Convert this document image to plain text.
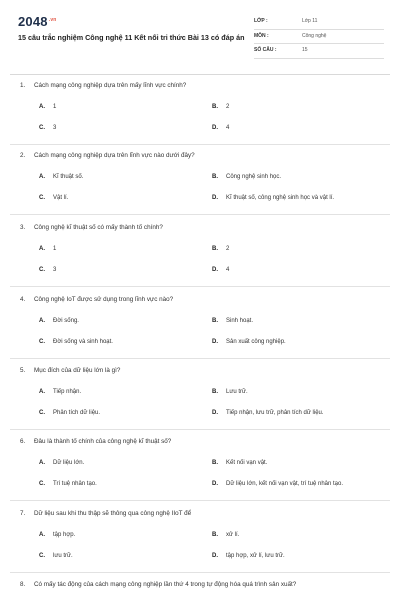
$2048^{.vn}$
15 câu trắc nghiệm Công nghệ 11 Kết nối tri thức Bài 13 có đáp án
LỚP :	Lớp 11
MÔN :	Công nghệ
SỐ CÂU :	15
1. Cách mạng công nghiệp dựa trên mấy lĩnh vực chính?
A. 1	B. 2
C. 3	D. 4
2. Cách mạng công nghiệp dựa trên lĩnh vực nào dưới đây?
A. Kĩ thuật số.	B. Công nghệ sinh học.
C. Vật lí.	D. Kĩ thuật số, công nghệ sinh học và vật lí.
3. Công nghệ kĩ thuật số có mấy thành tố chính?
A. 1	B. 2
C. 3	D. 4
4. Công nghệ IoT được sử dụng trong lĩnh vực nào?
A. Đời sống.	B. Sinh hoạt.
C. Đời sống và sinh hoạt.	D. Sản xuất công nghiệp.
5. Mục đích của dữ liệu lớn là gì?
A. Tiếp nhận.	B. Lưu trữ.
C. Phân tích dữ liệu.	D. Tiếp nhận, lưu trữ, phân tích dữ liệu.
6. Đâu là thành tố chính của công nghệ kĩ thuật số?
A. Dữ liệu lớn.	B. Kết nối vạn vật.
C. Trí tuệ nhân tạo.	D. Dữ liệu lớn, kết nối vạn vật, trí tuệ nhân tạo.
7. Dữ liệu sau khi thu thập sẽ thông qua công nghệ IIoT để
A. tập hợp.	B. xử lí.
C. lưu trữ.	D. tập hợp, xử lí, lưu trữ.
8. Có mấy tác động của cách mạng công nghiệp lần thứ 4 trong tự động hóa quá trình sản xuất?
